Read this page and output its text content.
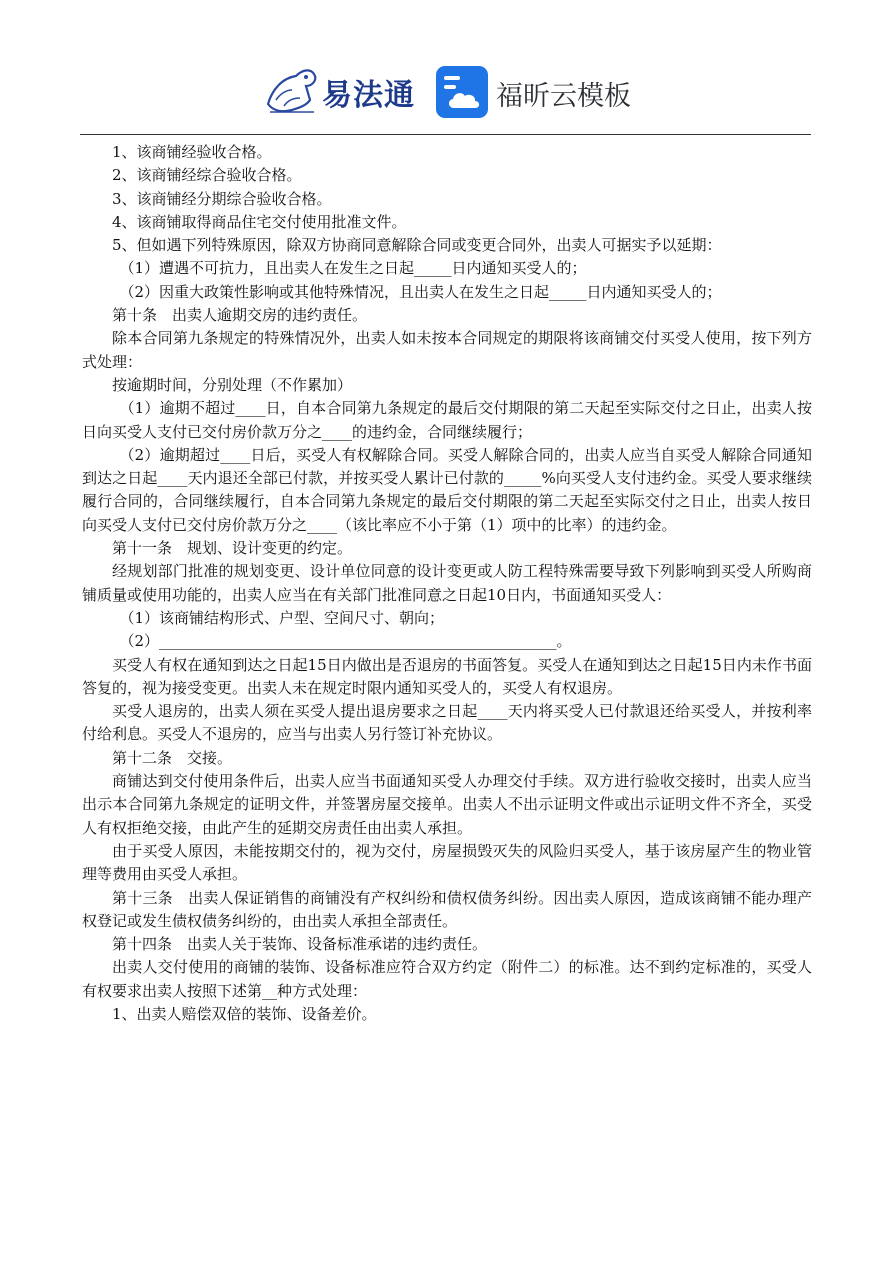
易法通	福昕云模板

1、该商铺经验收合格。

2、该商铺经综合验收合格。

3、该商铺经分期综合验收合格。

4、该商铺取得商品住宅交付使用批准文件。

5、但如遇下列特殊原因，除双方协商同意解除合同或变更合同外，出卖人可据实予以延期：

（1）遭遇不可抗力，且出卖人在发生之日起_____日内通知买受人的；

（2）因重大政策性影响或其他特殊情况，且出卖人在发生之日起_____日内通知买受人的；

第十条　出卖人逾期交房的违约责任。

除本合同第九条规定的特殊情况外，出卖人如未按本合同规定的期限将该商铺交付买受人使用，按下列方式处理：

按逾期时间，分别处理（不作累加）

（1）逾期不超过____日，自本合同第九条规定的最后交付期限的第二天起至实际交付之日止，出卖人按日向买受人支付已交付房价款万分之____的违约金，合同继续履行；

（2）逾期超过____日后，买受人有权解除合同。买受人解除合同的，出卖人应当自买受人解除合同通知到达之日起____天内退还全部已付款，并按买受人累计已付款的_____%向买受人支付违约金。买受人要求继续履行合同的，合同继续履行，自本合同第九条规定的最后交付期限的第二天起至实际交付之日止，出卖人按日向买受人支付已交付房价款万分之____（该比率应不小于第（1）项中的比率）的违约金。

第十一条　规划、设计变更的约定。

经规划部门批准的规划变更、设计单位同意的设计变更或人防工程特殊需要导致下列影响到买受人所购商铺质量或使用功能的，出卖人应当在有关部门批准同意之日起10日内，书面通知买受人：

（1）该商铺结构形式、户型、空间尺寸、朝向；

（2）_____________________________________________________。

买受人有权在通知到达之日起15日内做出是否退房的书面答复。买受人在通知到达之日起15日内未作书面答复的，视为接受变更。出卖人未在规定时限内通知买受人的，买受人有权退房。

买受人退房的，出卖人须在买受人提出退房要求之日起____天内将买受人已付款退还给买受人，并按利率付给利息。买受人不退房的，应当与出卖人另行签订补充协议。

第十二条　交接。

商铺达到交付使用条件后，出卖人应当书面通知买受人办理交付手续。双方进行验收交接时，出卖人应当出示本合同第九条规定的证明文件，并签署房屋交接单。出卖人不出示证明文件或出示证明文件不齐全，买受人有权拒绝交接，由此产生的延期交房责任由出卖人承担。

由于买受人原因，未能按期交付的，视为交付，房屋损毁灭失的风险归买受人，基于该房屋产生的物业管理等费用由买受人承担。

第十三条　出卖人保证销售的商铺没有产权纠纷和债权债务纠纷。因出卖人原因，造成该商铺不能办理产权登记或发生债权债务纠纷的，由出卖人承担全部责任。

第十四条　出卖人关于装饰、设备标准承诺的违约责任。

出卖人交付使用的商铺的装饰、设备标准应符合双方约定（附件二）的标准。达不到约定标准的，买受人有权要求出卖人按照下述第__种方式处理：

1、出卖人赔偿双倍的装饰、设备差价。
